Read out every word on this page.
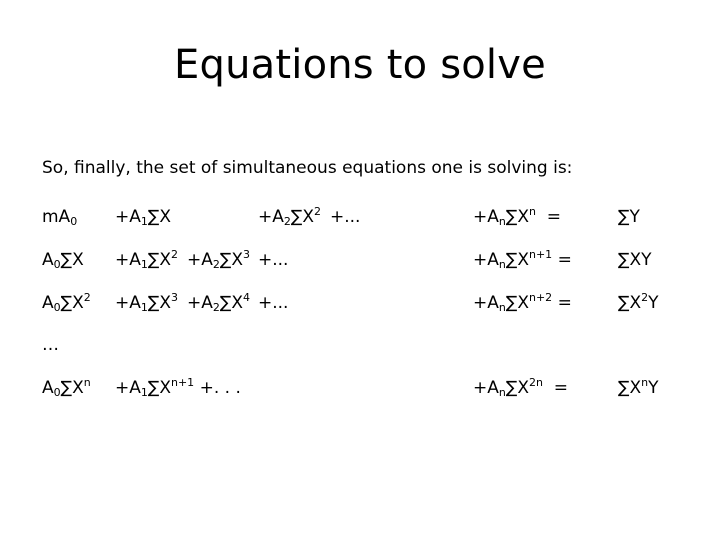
Equations to solve
So, finally, the set of simultaneous equations one is solving is:
$mA_0 +A_1\sum X$	$+A_2\sum X^2$ +...	$+A_n\sum X^n$ =	∑Y
$A_0\sum X +A_1\sum X^2 +A_2\sum X^3$ +...	$+A_n\sum X^{n+1}$ =	∑XY
$A_0\sum X^2 +A_1\sum X^3 +A_2\sum X^4$ +...	$+A_n\sum X^{n+2}$ =	$\sum X^2Y$
…
$A_0\sum X^n +A_1\sum X^{n+1}$ +. . .	$+A_n\sum X^{2n}$ =	$\sum X^nY$
